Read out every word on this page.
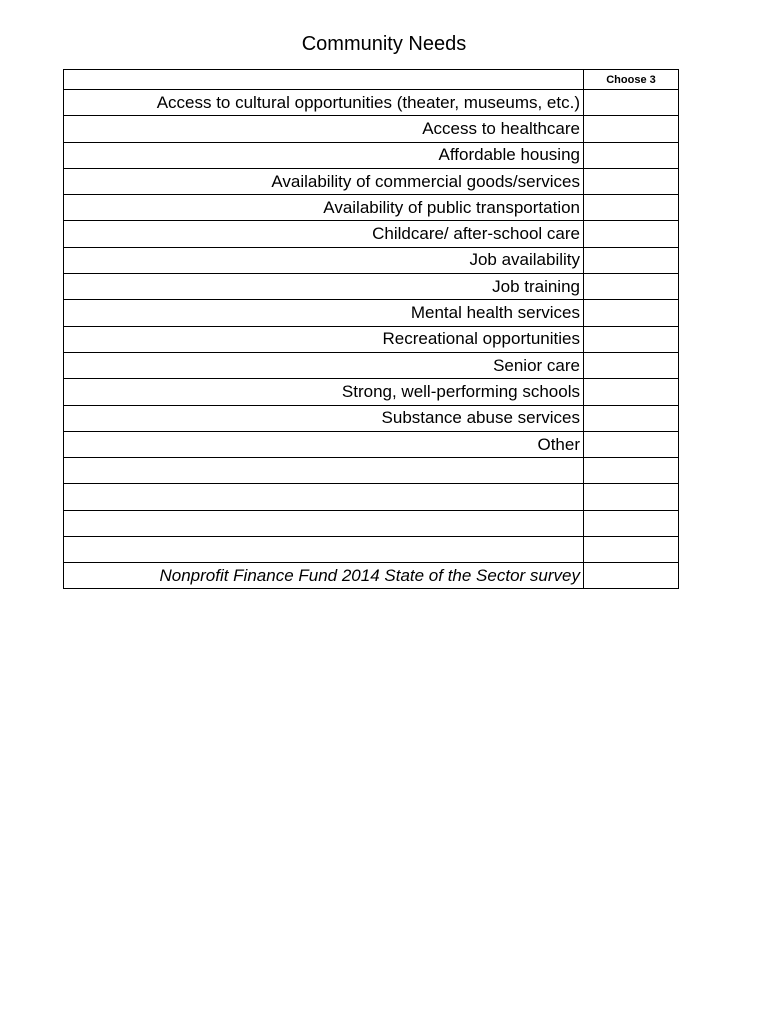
Community Needs
	Choose 3
Access to cultural opportunities (theater, museums, etc.)	
Access to healthcare	
Affordable housing	
Availability of commercial goods/services	
Availability of public transportation	
Childcare/ after-school care	
Job availability	
Job training	
Mental health services	
Recreational opportunities	
Senior care	
Strong, well-performing schools	
Substance abuse services	
Other	

Nonprofit Finance Fund 2014 State of the Sector survey	
